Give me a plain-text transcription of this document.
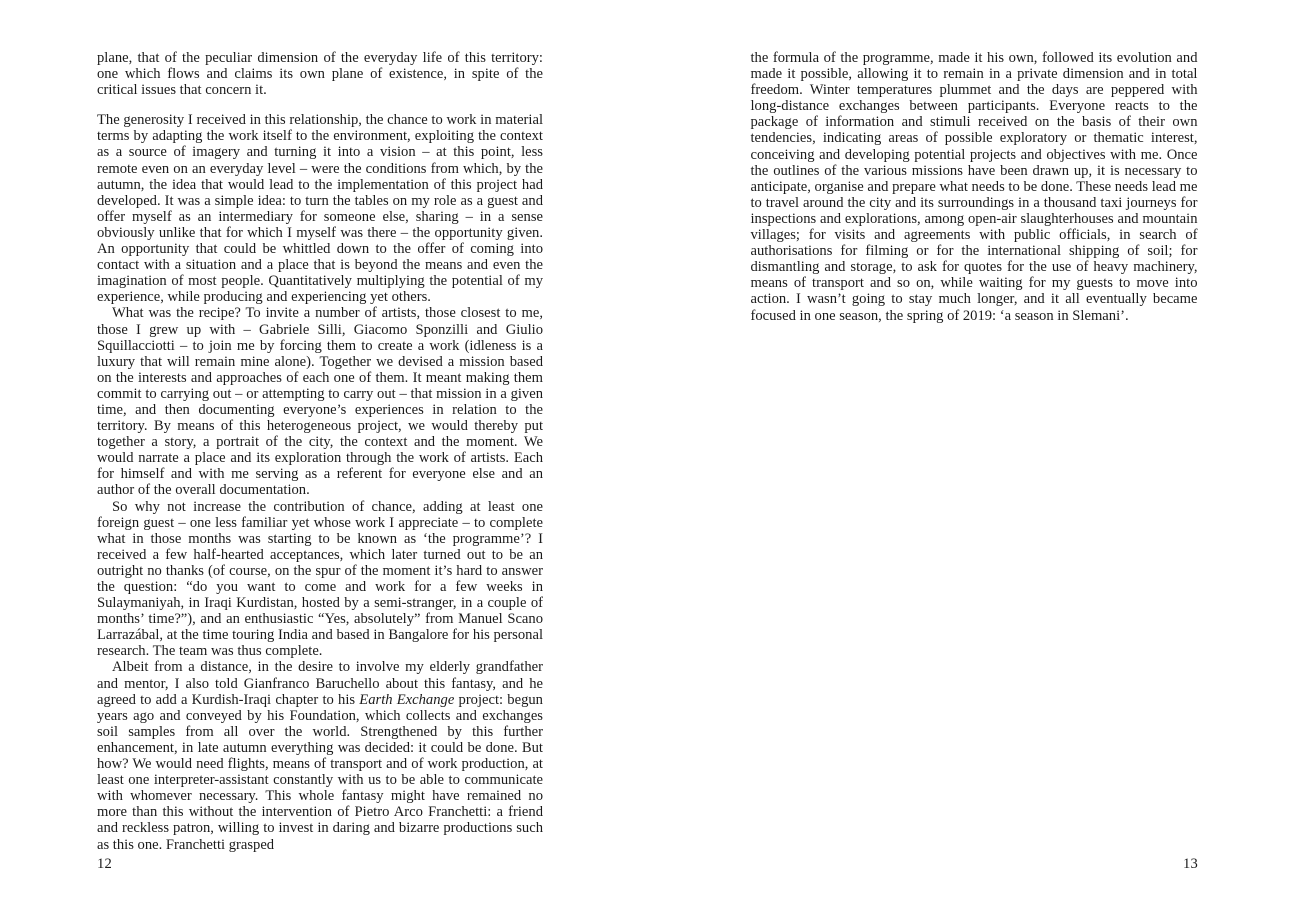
plane, that of the peculiar dimension of the everyday life of this territory: one which flows and claims its own plane of existence, in spite of the critical issues that concern it.

The generosity I received in this relationship, the chance to work in material terms by adapting the work itself to the environment, exploiting the context as a source of imagery and turning it into a vision – at this point, less remote even on an everyday level – were the conditions from which, by the autumn, the idea that would lead to the implementation of this project had developed. It was a simple idea: to turn the tables on my role as a guest and offer myself as an intermediary for someone else, sharing – in a sense obviously unlike that for which I myself was there – the opportunity given. An opportunity that could be whittled down to the offer of coming into contact with a situation and a place that is beyond the means and even the imagination of most people. Quantitatively multiplying the potential of my experience, while producing and experiencing yet others.

What was the recipe? To invite a number of artists, those closest to me, those I grew up with – Gabriele Silli, Giacomo Sponzilli and Giulio Squillacciotti – to join me by forcing them to create a work (idleness is a luxury that will remain mine alone). Together we devised a mission based on the interests and approaches of each one of them. It meant making them commit to carrying out – or attempting to carry out – that mission in a given time, and then documenting everyone’s experiences in relation to the territory. By means of this heterogeneous project, we would thereby put together a story, a portrait of the city, the context and the moment. We would narrate a place and its exploration through the work of artists. Each for himself and with me serving as a referent for everyone else and an author of the overall documentation.

So why not increase the contribution of chance, adding at least one foreign guest – one less familiar yet whose work I appreciate – to complete what in those months was starting to be known as ‘the programme’? I received a few half-hearted acceptances, which later turned out to be an outright no thanks (of course, on the spur of the moment it’s hard to answer the question: “do you want to come and work for a few weeks in Sulaymaniyah, in Iraqi Kurdistan, hosted by a semi-stranger, in a couple of months’ time?”), and an enthusiastic “Yes, absolutely” from Manuel Scano Larrazábal, at the time touring India and based in Bangalore for his personal research. The team was thus complete.

Albeit from a distance, in the desire to involve my elderly grandfather and mentor, I also told Gianfranco Baruchello about this fantasy, and he agreed to add a Kurdish-Iraqi chapter to his Earth Exchange project: begun years ago and conveyed by his Foundation, which collects and exchanges soil samples from all over the world. Strengthened by this further enhancement, in late autumn everything was decided: it could be done. But how? We would need flights, means of transport and of work production, at least one interpreter-assistant constantly with us to be able to communicate with whomever necessary. This whole fantasy might have remained no more than this without the intervention of Pietro Arco Franchetti: a friend and reckless patron, willing to invest in daring and bizarre productions such as this one. Franchetti grasped

12

the formula of the programme, made it his own, followed its evolution and made it possible, allowing it to remain in a private dimension and in total freedom. Winter temperatures plummet and the days are peppered with long-distance exchanges between participants. Everyone reacts to the package of information and stimuli received on the basis of their own tendencies, indicating areas of possible exploratory or thematic interest, conceiving and developing potential projects and objectives with me. Once the outlines of the various missions have been drawn up, it is necessary to anticipate, organise and prepare what needs to be done. These needs lead me to travel around the city and its surroundings in a thousand taxi journeys for inspections and explorations, among open-air slaughterhouses and mountain villages; for visits and agreements with public officials, in search of authorisations for filming or for the international shipping of soil; for dismantling and storage, to ask for quotes for the use of heavy machinery, means of transport and so on, while waiting for my guests to move into action. I wasn’t going to stay much longer, and it all eventually became focused in one season, the spring of 2019: ‘a season in Slemani’.

13
